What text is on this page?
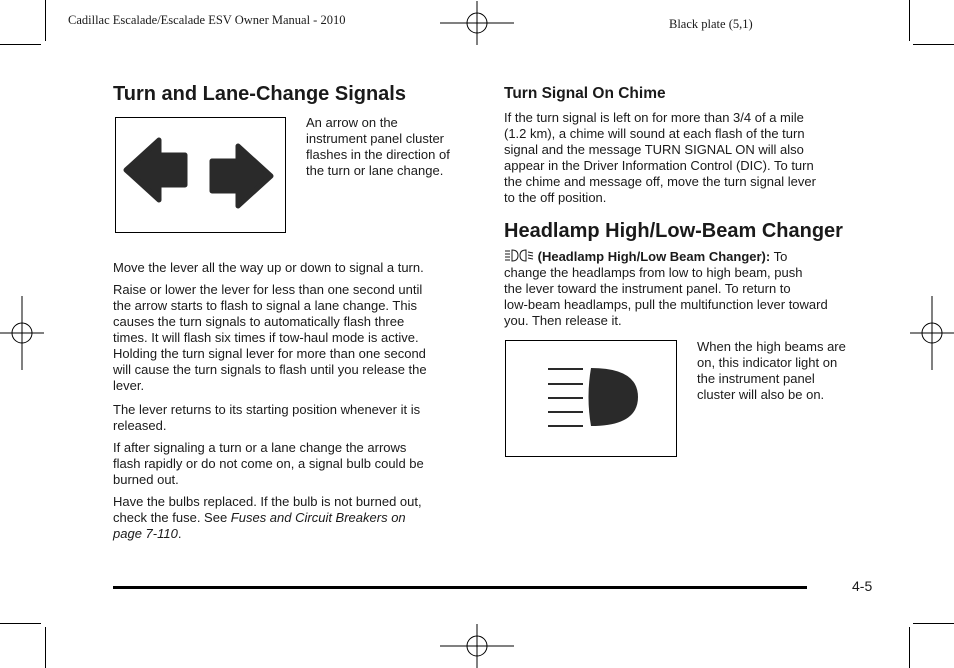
Cadillac Escalade/Escalade ESV Owner Manual - 2010	Black plate (5,1)
Turn and Lane-Change Signals
An arrow on the
instrument panel cluster
flashes in the direction of
the turn or lane change.
Move the lever all the way up or down to signal a turn.
Raise or lower the lever for less than one second until
the arrow starts to flash to signal a lane change. This
causes the turn signals to automatically flash three
times. It will flash six times if tow-haul mode is active.
Holding the turn signal lever for more than one second
will cause the turn signals to flash until you release the
lever.
The lever returns to its starting position whenever it is
released.
If after signaling a turn or a lane change the arrows
flash rapidly or do not come on, a signal bulb could be
burned out.
Have the bulbs replaced. If the bulb is not burned out,
check the fuse. See Fuses and Circuit Breakers on
page 7-110.
Turn Signal On Chime
If the turn signal is left on for more than 3/4 of a mile
(1.2 km), a chime will sound at each flash of the turn
signal and the message TURN SIGNAL ON will also
appear in the Driver Information Control (DIC). To turn
the chime and message off, move the turn signal lever
to the off position.
Headlamp High/Low-Beam Changer
(Headlamp High/Low Beam Changer): To
change the headlamps from low to high beam, push
the lever toward the instrument panel. To return to
low-beam headlamps, pull the multifunction lever toward
you. Then release it.
When the high beams are
on, this indicator light on
the instrument panel
cluster will also be on.
4-5
